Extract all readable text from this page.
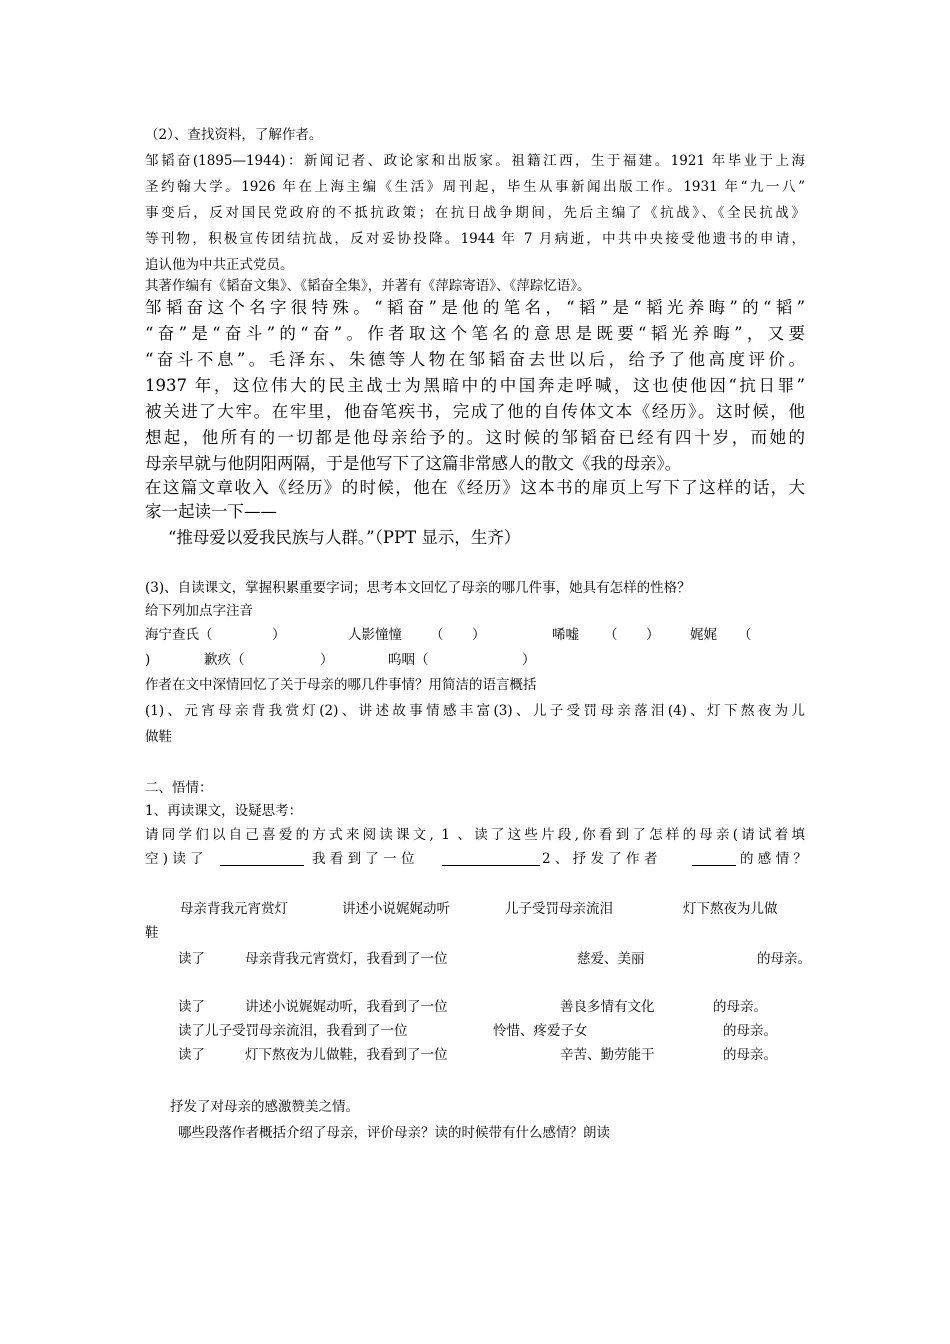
（2）、查找资料，了解作者。
邹韬奋(1895—1944)：新闻记者、政论家和出版家。祖籍江西，生于福建。1921 年毕业于上海
圣约翰大学。1926 年在上海主编《生活》周刊起，毕生从事新闻出版工作。1931 年“九一八”
事变后，反对国民党政府的不抵抗政策；在抗日战争期间，先后主编了《抗战》、《全民抗战》
等刊物，积极宣传团结抗战，反对妥协投降。1944 年 7 月病逝，中共中央接受他遗书的申请，
追认他为中共正式党员。
其著作编有《韬奋文集》、《韬奋全集》，并著有《萍踪寄语》、《萍踪忆语》。
邹韬奋这个名字很特殊。“韬奋”是他的笔名，“韬”是“韬光养晦”的“韬”
“奋”是“奋斗”的“奋”。作者取这个笔名的意思是既要“韬光养晦”，又要
“奋斗不息”。毛泽东、朱德等人物在邹韬奋去世以后，给予了他高度评价。
1937 年，这位伟大的民主战士为黑暗中的中国奔走呼喊，这也使他因“抗日罪”
被关进了大牢。在牢里，他奋笔疾书，完成了他的自传体文本《经历》。这时候，他
想起，他所有的一切都是他母亲给予的。这时候的邹韬奋已经有四十岁，而她的
母亲早就与他阴阳两隔，于是他写下了这篇非常感人的散文《我的母亲》。
在这篇文章收入《经历》的时候，他在《经历》这本书的扉页上写下了这样的话，大
家一起读一下——
“推母爱以爱我民族与人群。”（PPT 显示，生齐）
(3)、自读课文，掌握积累重要字词；思考本文回忆了母亲的哪几件事，她具有怎样的性格？
给下列加点字注音
海宁查氏（	）	人影憧憧 （ ）	唏嘘 （ ） 娓娓 （
)	歉疚（	）	呜咽（	）
作者在文中深情回忆了关于母亲的哪几件事情？用简洁的语言概括
(1)、元宵母亲背我赏灯(2)、讲述故事情感丰富(3)、儿子受罚母亲落泪(4)、灯下熬夜为儿
做鞋
二、悟情：
1、再读课文，设疑思考：
请同学们以自己喜爱的方式来阅读课文, 1 、读了这些片段,你看到了怎样的母亲(请试着填
空 ) 读 了	我 看 到 了 一 位	2 、 抒 发 了 作 者	的 感 情 ？
母亲背我元宵赏灯	讲述小说娓娓动听	儿子受罚母亲流泪	灯下熬夜为儿做
鞋
读了	母亲背我元宵赏灯，我看到了一位	慈爱、美丽	的母亲。
读了	讲述小说娓娓动听，我看到了一位	善良多情有文化	的母亲。
读了儿子受罚母亲流泪，我看到了一位	怜惜、疼爱子女	的母亲。
读了	灯下熬夜为儿做鞋，我看到了一位	辛苦、勤劳能干	的母亲。
抒发了对母亲的感激赞美之情。
哪些段落作者概括介绍了母亲，评价母亲？读的时候带有什么感情？朗读
